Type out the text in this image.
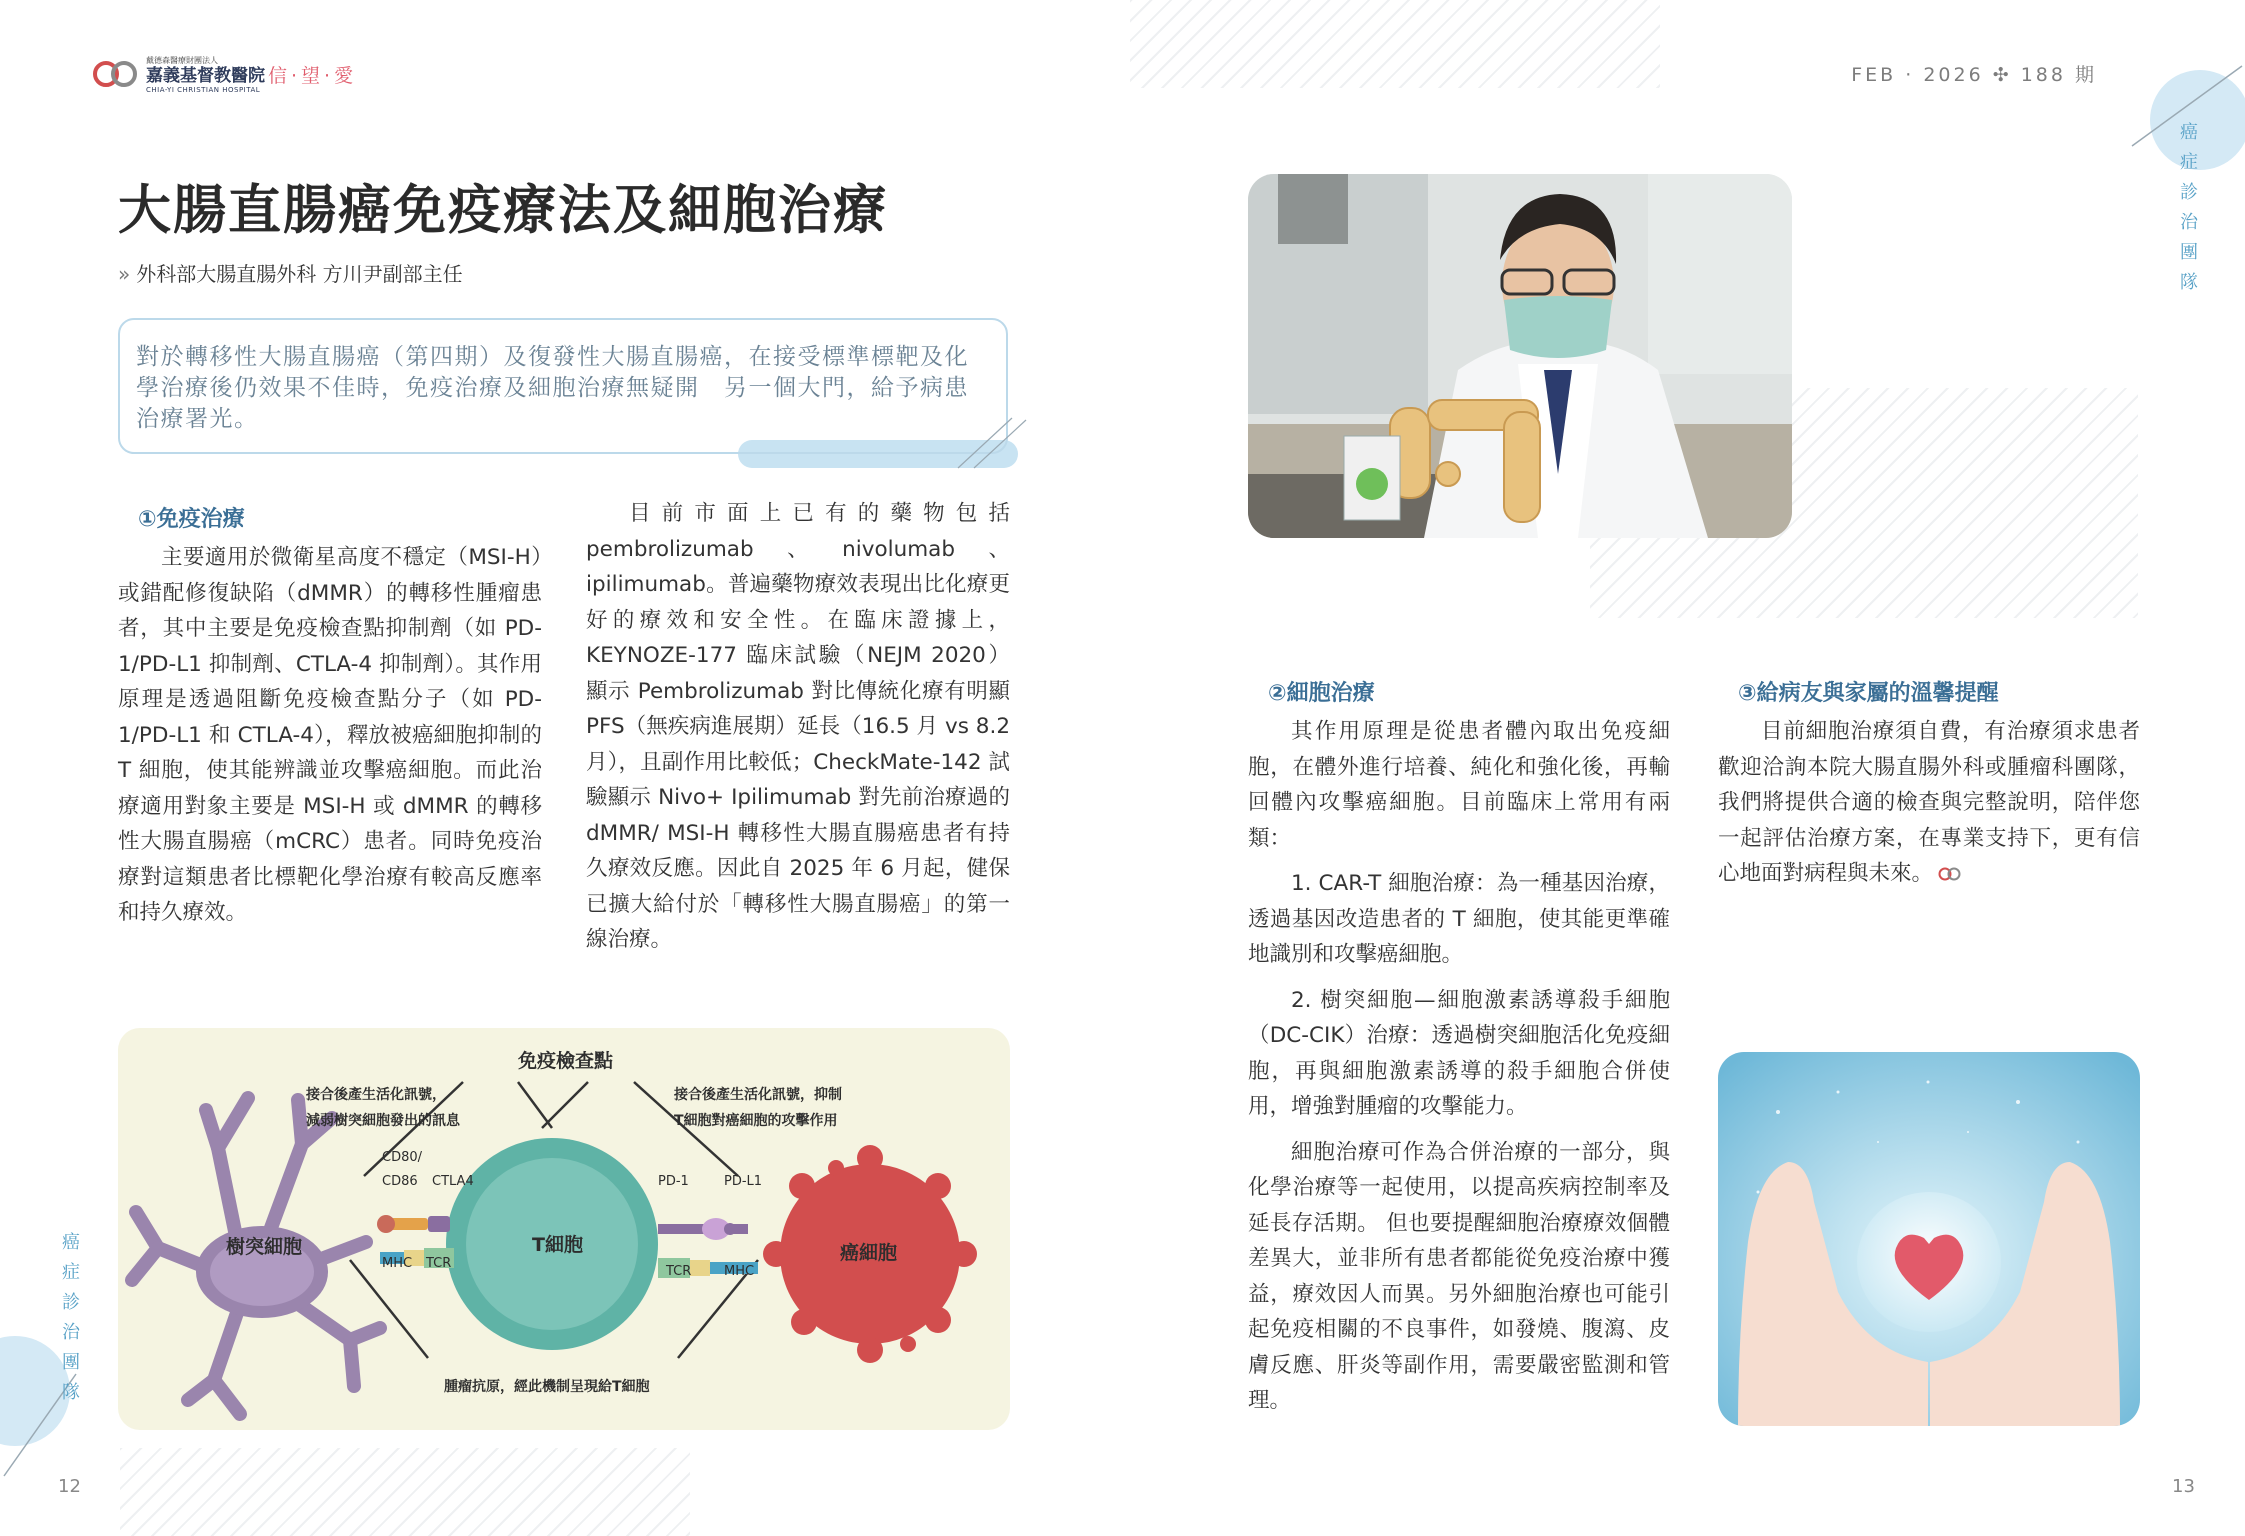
戴德森醫療財團法人
嘉義基督教醫院
CHIA-YI CHRISTIAN HOSPITAL
信‧望‧愛	FEB · 2026 ✣ 188 期
癌症診治團隊
癌症診治團隊
大腸直腸癌免疫療法及細胞治療
» 外科部大腸直腸外科 方川尹副部主任
對於轉移性大腸直腸癌（第四期）及復發性大腸直腸癌，在接受標準標靶及化學治療後仍效果不佳時，免疫治療及細胞治療無疑開　另一個大門，給予病患治療署光。
①免疫治療

主要適用於微衛星高度不穩定（MSI-H）或錯配修復缺陷（dMMR）的轉移性腫瘤患者，其中主要是免疫檢查點抑制劑（如 PD-1/PD-L1 抑制劑、CTLA-4 抑制劑）。其作用原理是透過阻斷免疫檢查點分子（如 PD-1/PD-L1 和 CTLA-4），釋放被癌細胞抑制的 T 細胞，使其能辨識並攻擊癌細胞。而此治療適用對象主要是 MSI-H 或 dMMR 的轉移性大腸直腸癌（mCRC）患者。同時免疫治療對這類患者比標靶化學治療有較高反應率和持久療效。

目前市面上已有的藥物包括 pembrolizumab、nivolumab、ipilimumab。普遍藥物療效表現出比化療更好的療效和安全性。在臨床證據上，KEYNOZE-177 臨床試驗（NEJM 2020）顯示 Pembrolizumab 對比傳統化療有明顯 PFS（無疾病進展期）延長（16.5 月 vs 8.2 月），且副作用比較低；CheckMate-142 試驗顯示 Nivo+ Ipilimumab 對先前治療過的 dMMR/ MSI-H 轉移性大腸直腸癌患者有持久療效反應。因此自 2025 年 6 月起，健保已擴大給付於「轉移性大腸直腸癌」的第一線治療。

免疫檢查點
接合後產生活化訊號，
減弱樹突細胞發出的訊息
接合後產生活化訊號，抑制
T細胞對癌細胞的攻擊作用
樹突細胞	T細胞	癌細胞
CD80/
CD86 CTLA4
MHC TCR
PD-1	PD-L1
TCR	MHC
腫瘤抗原，經此機制呈現給T細胞
②細胞治療

其作用原理是從患者體內取出免疫細胞，在體外進行培養、純化和強化後，再輸回體內攻擊癌細胞。目前臨床上常用有兩類：

1. CAR-T 細胞治療：為一種基因治療，透過基因改造患者的 T 細胞，使其能更準確地識別和攻擊癌細胞。

2. 樹突細胞—細胞激素誘導殺手細胞（DC-CIK）治療：透過樹突細胞活化免疫細胞，再與細胞激素誘導的殺手細胞合併使用，增強對腫瘤的攻擊能力。

細胞治療可作為合併治療的一部分，與化學治療等一起使用，以提高疾病控制率及延長存活期。 但也要提醒細胞治療療效個體差異大，並非所有患者都能從免疫治療中獲益，療效因人而異。另外細胞治療也可能引起免疫相關的不良事件，如發燒、腹瀉、皮膚反應、肝炎等副作用，需要嚴密監測和管理。

③給病友與家屬的溫馨提醒

目前細胞治療須自費，有治療須求患者歡迎洽詢本院大腸直腸外科或腫瘤科團隊，我們將提供合適的檢查與完整說明，陪伴您一起評估治療方案，在專業支持下，更有信心地面對病程與未來。

12	13
